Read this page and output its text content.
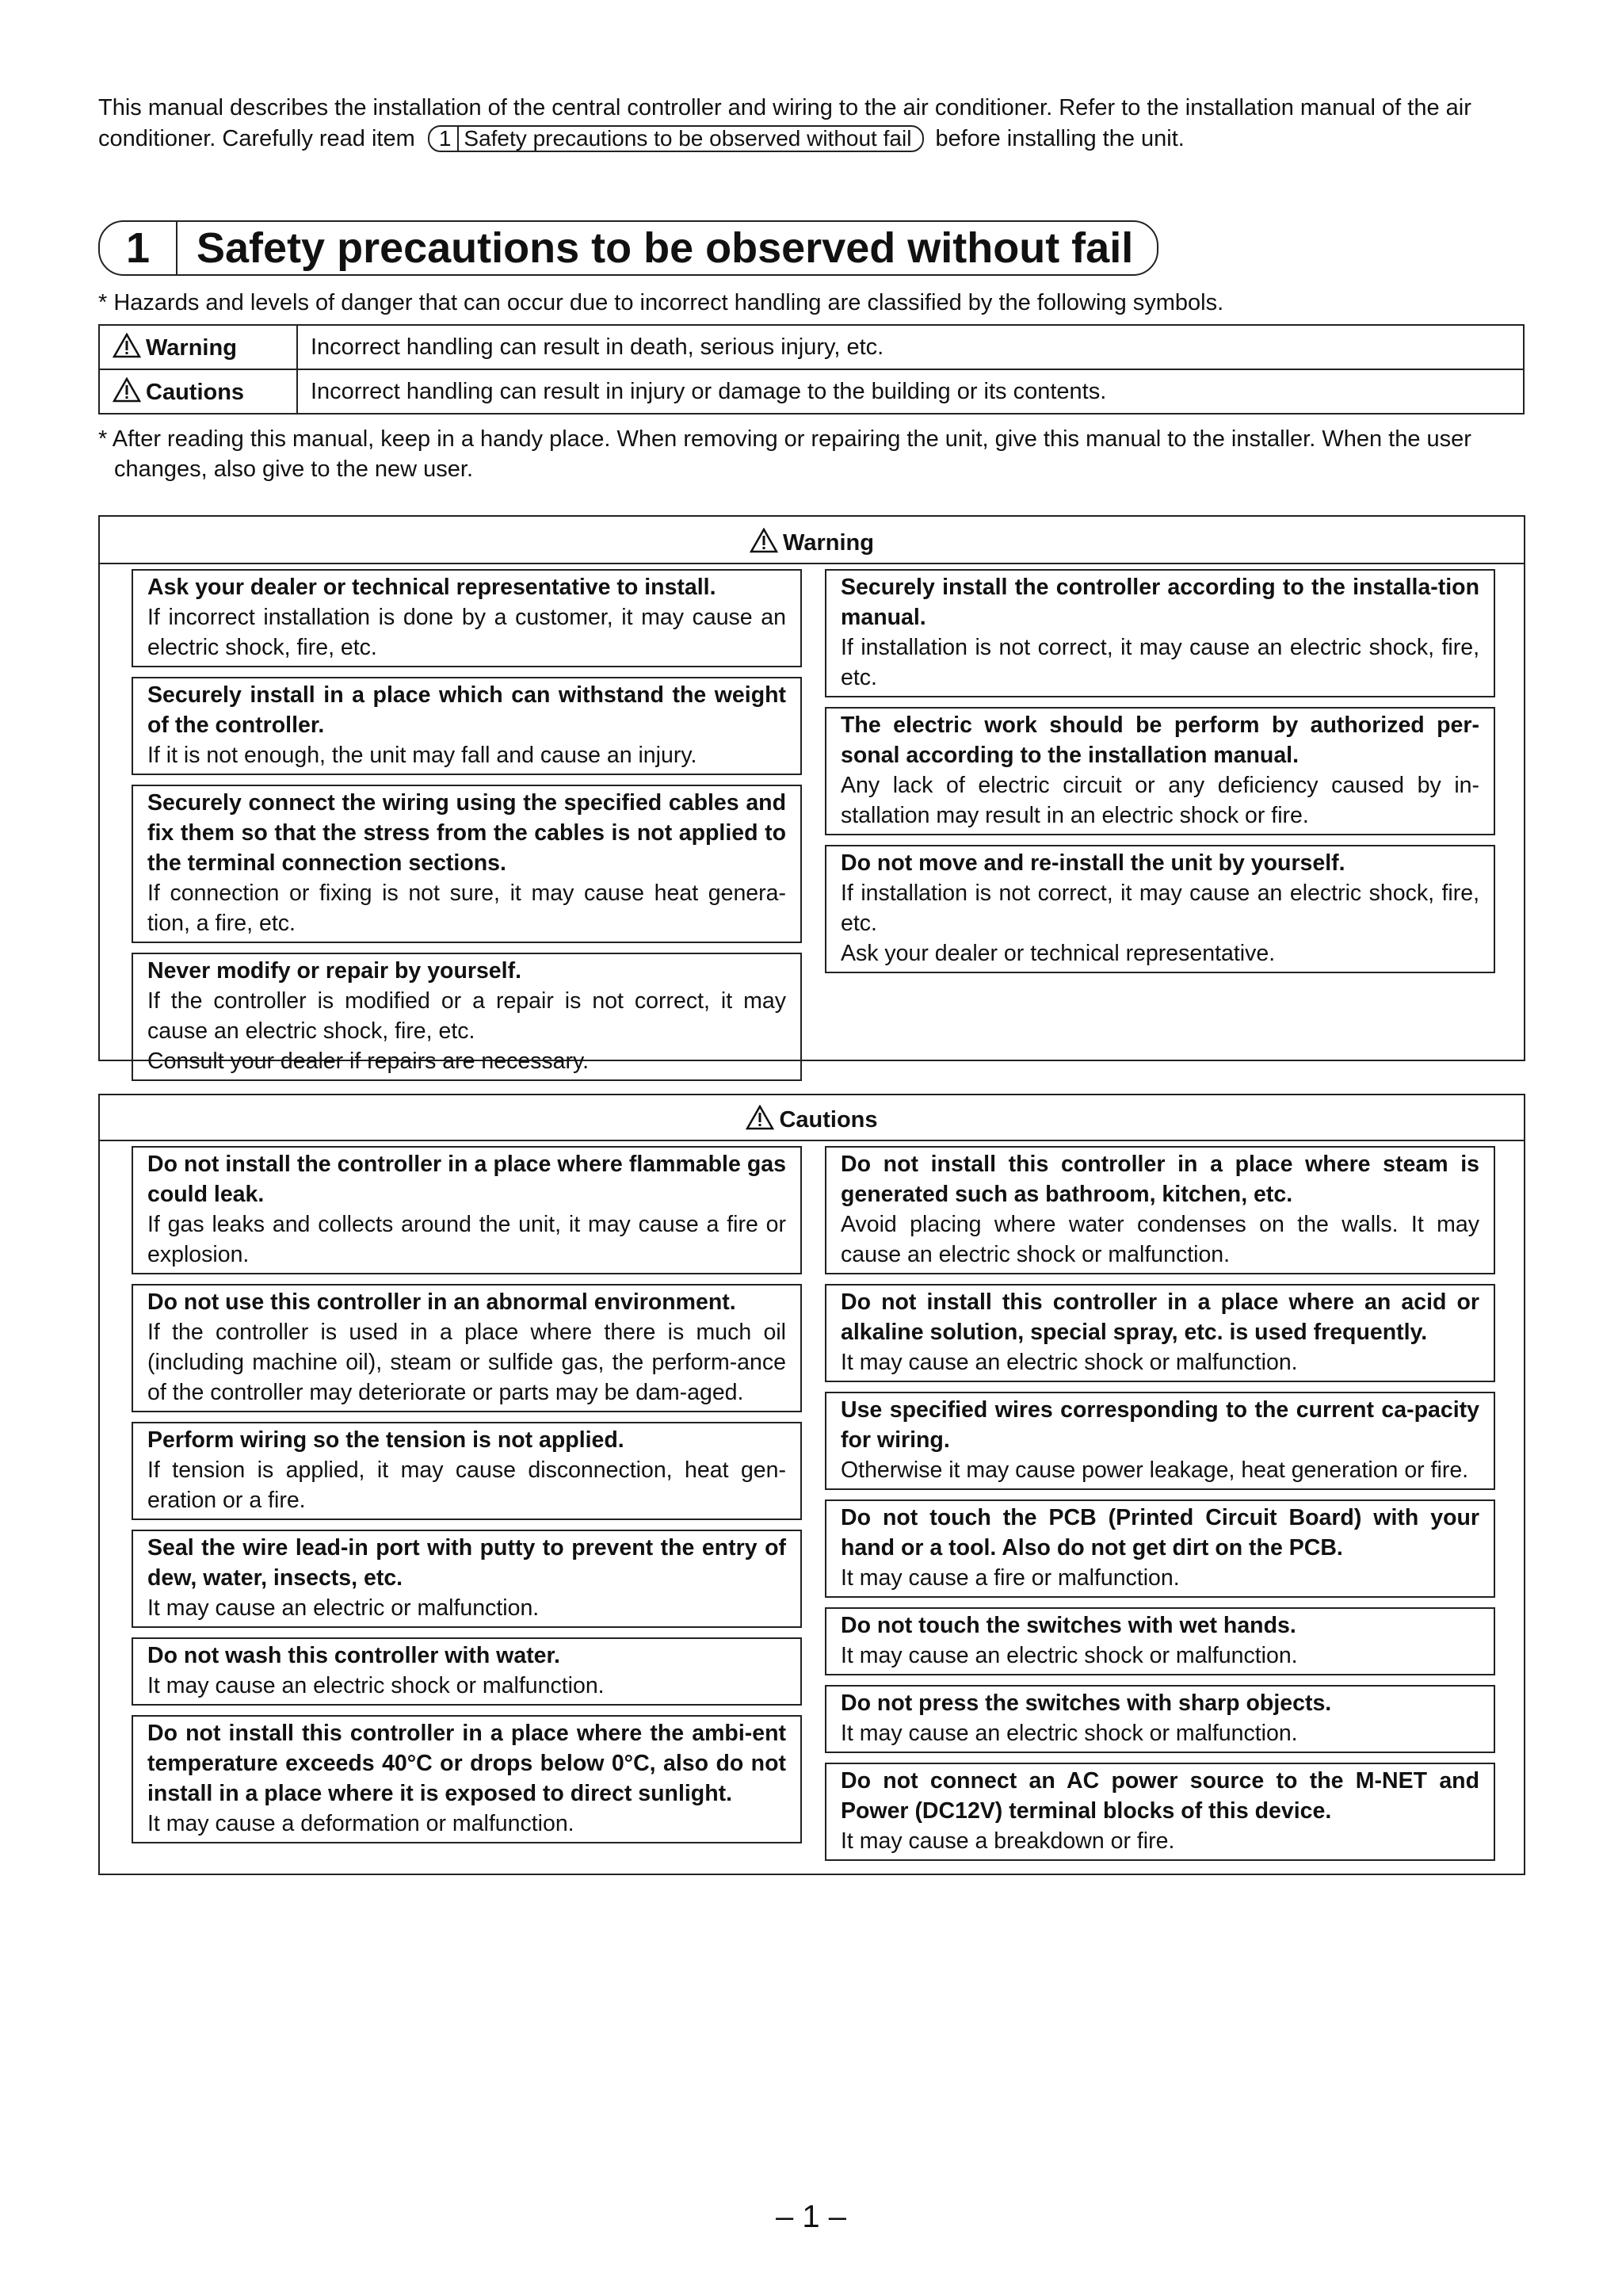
This manual describes the installation of the central controller and wiring to the air conditioner. Refer to the installation manual of the air conditioner. Carefully read item 1 Safety precautions to be observed without fail before installing the unit.
1	Safety precautions to be observed without fail
* Hazards and levels of danger that can occur due to incorrect handling are classified by the following symbols.
Warning	Incorrect handling can result in death, serious injury, etc.
Cautions	Incorrect handling can result in injury or damage to the building or its contents.
* After reading this manual, keep in a handy place. When removing or repairing the unit, give this manual to the installer. When the user changes, also give to the new user.
Warning

Ask your dealer or technical representative to install.

If incorrect installation is done by a customer, it may cause an electric shock, fire, etc.

Securely install in a place which can withstand the weight of the controller.

If it is not enough, the unit may fall and cause an injury.

Securely connect the wiring using the specified cables and fix them so that the stress from the cables is not applied to the terminal connection sections.

If connection or fixing is not sure, it may cause heat genera-tion, a fire, etc.

Never modify or repair by yourself.

If the controller is modified or a repair is not correct, it may cause an electric shock, fire, etc.

Consult your dealer if repairs are necessary.

Securely install the controller according to the installa-tion manual.

If installation is not correct, it may cause an electric shock, fire, etc.

The electric work should be perform by authorized per-sonal according to the installation manual.

Any lack of electric circuit or any deficiency caused by in-stallation may result in an electric shock or fire.

Do not move and re-install the unit by yourself.

If installation is not correct, it may cause an electric shock, fire, etc.

Ask your dealer or technical representative.

Cautions

Do not install the controller in a place where flammable gas could leak.

If gas leaks and collects around the unit, it may cause a fire or explosion.

Do not use this controller in an abnormal environment.

If the controller is used in a place where there is much oil (including machine oil), steam or sulfide gas, the perform-ance of the controller may deteriorate or parts may be dam-aged.

Perform wiring so the tension is not applied.

If tension is applied, it may cause disconnection, heat gen-eration or a fire.

Seal the wire lead-in port with putty to prevent the entry of dew, water, insects, etc.

It may cause an electric or malfunction.

Do not wash this controller with water.

It may cause an electric shock or malfunction.

Do not install this controller in a place where the ambi-ent temperature exceeds 40°C or drops below 0°C, also do not install in a place where it is exposed to direct sunlight.

It may cause a deformation or malfunction.

Do not install this controller in a place where steam is generated such as bathroom, kitchen, etc.

Avoid placing where water condenses on the walls. It may cause an electric shock or malfunction.

Do not install this controller in a place where an acid or alkaline solution, special spray, etc. is used frequently.

It may cause an electric shock or malfunction.

Use specified wires corresponding to the current ca-pacity for wiring.

Otherwise it may cause power leakage, heat generation or fire.

Do not touch the PCB (Printed Circuit Board) with your hand or a tool. Also do not get dirt on the PCB.

It may cause a fire or malfunction.

Do not touch the switches with wet hands.

It may cause an electric shock or malfunction.

Do not press the switches with sharp objects.

It may cause an electric shock or malfunction.

Do not connect an AC power source to the M-NET and Power (DC12V) terminal blocks of this device.

It may cause a breakdown or fire.

– 1 –
